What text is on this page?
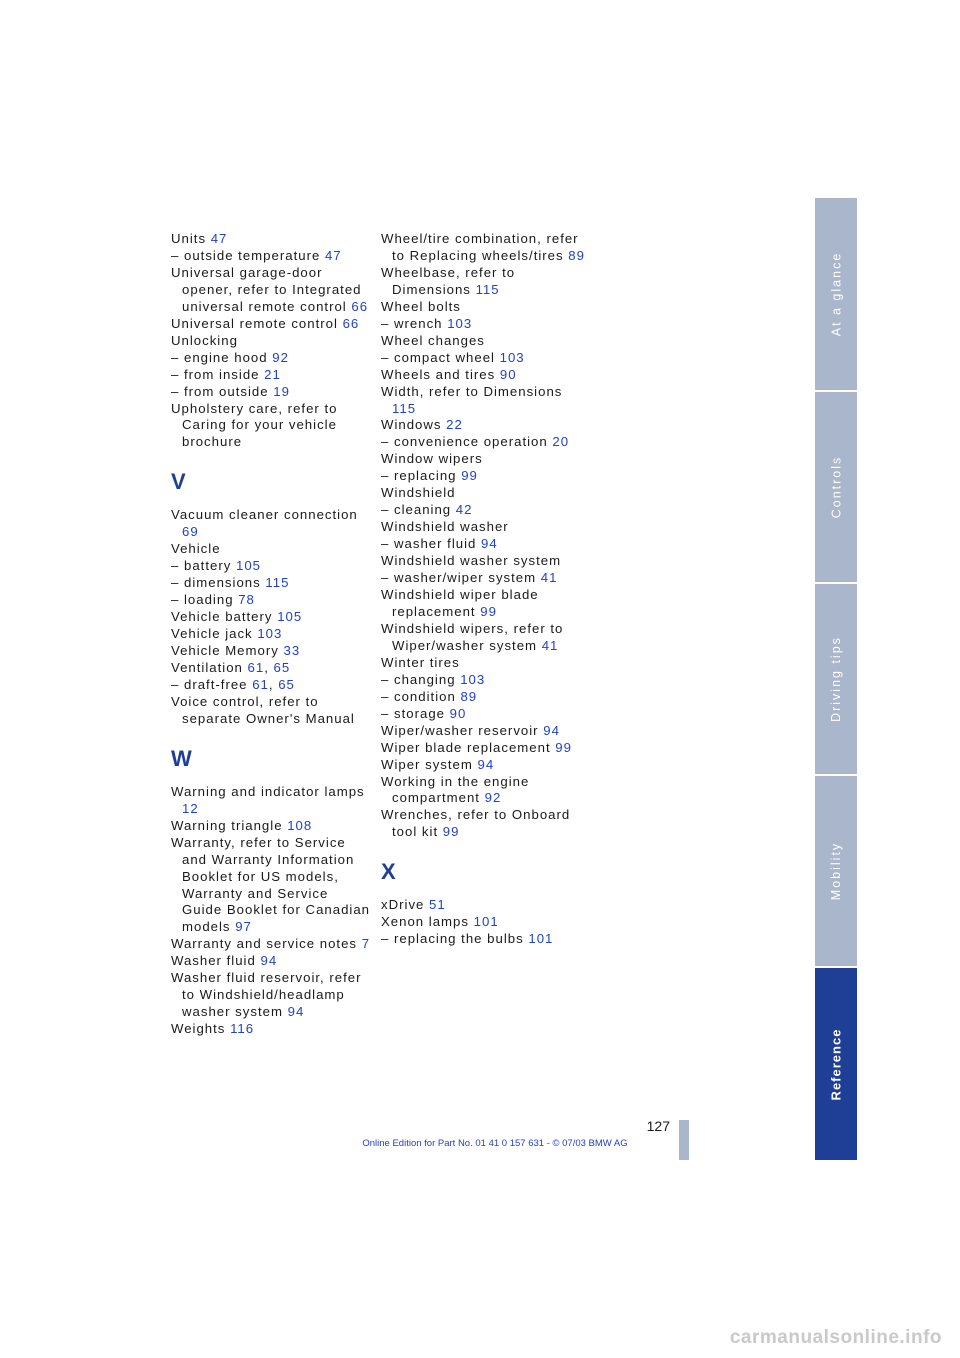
Units 47
– outside temperature 47
Universal garage-door opener, refer to Integrated universal remote control 66
Universal remote control 66
Unlocking
– engine hood 92
– from inside 21
– from outside 19
Upholstery care, refer to Caring for your vehicle brochure
V
Vacuum cleaner connection 69
Vehicle
– battery 105
– dimensions 115
– loading 78
Vehicle battery 105
Vehicle jack 103
Vehicle Memory 33
Ventilation 61, 65
– draft-free 61, 65
Voice control, refer to separate Owner's Manual
W
Warning and indicator lamps 12
Warning triangle 108
Warranty, refer to Service and Warranty Information Booklet for US models, Warranty and Service Guide Booklet for Canadian models 97
Warranty and service notes 7
Washer fluid 94
Washer fluid reservoir, refer to Windshield/headlamp washer system 94
Weights 116
Wheel/tire combination, refer to Replacing wheels/tires 89
Wheelbase, refer to Dimensions 115
Wheel bolts
– wrench 103
Wheel changes
– compact wheel 103
Wheels and tires 90
Width, refer to Dimensions 115
Windows 22
– convenience operation 20
Window wipers
– replacing 99
Windshield
– cleaning 42
Windshield washer
– washer fluid 94
Windshield washer system
– washer/wiper system 41
Windshield wiper blade replacement 99
Windshield wipers, refer to Wiper/washer system 41
Winter tires
– changing 103
– condition 89
– storage 90
Wiper/washer reservoir 94
Wiper blade replacement 99
Wiper system 94
Working in the engine compartment 92
Wrenches, refer to Onboard tool kit 99
X
xDrive 51
Xenon lamps 101
– replacing the bulbs 101
At a glance
Controls
Driving tips
Mobility
Reference
127
Online Edition for Part No. 01 41 0 157 631 - © 07/03 BMW AG
carmanualsonline.info
